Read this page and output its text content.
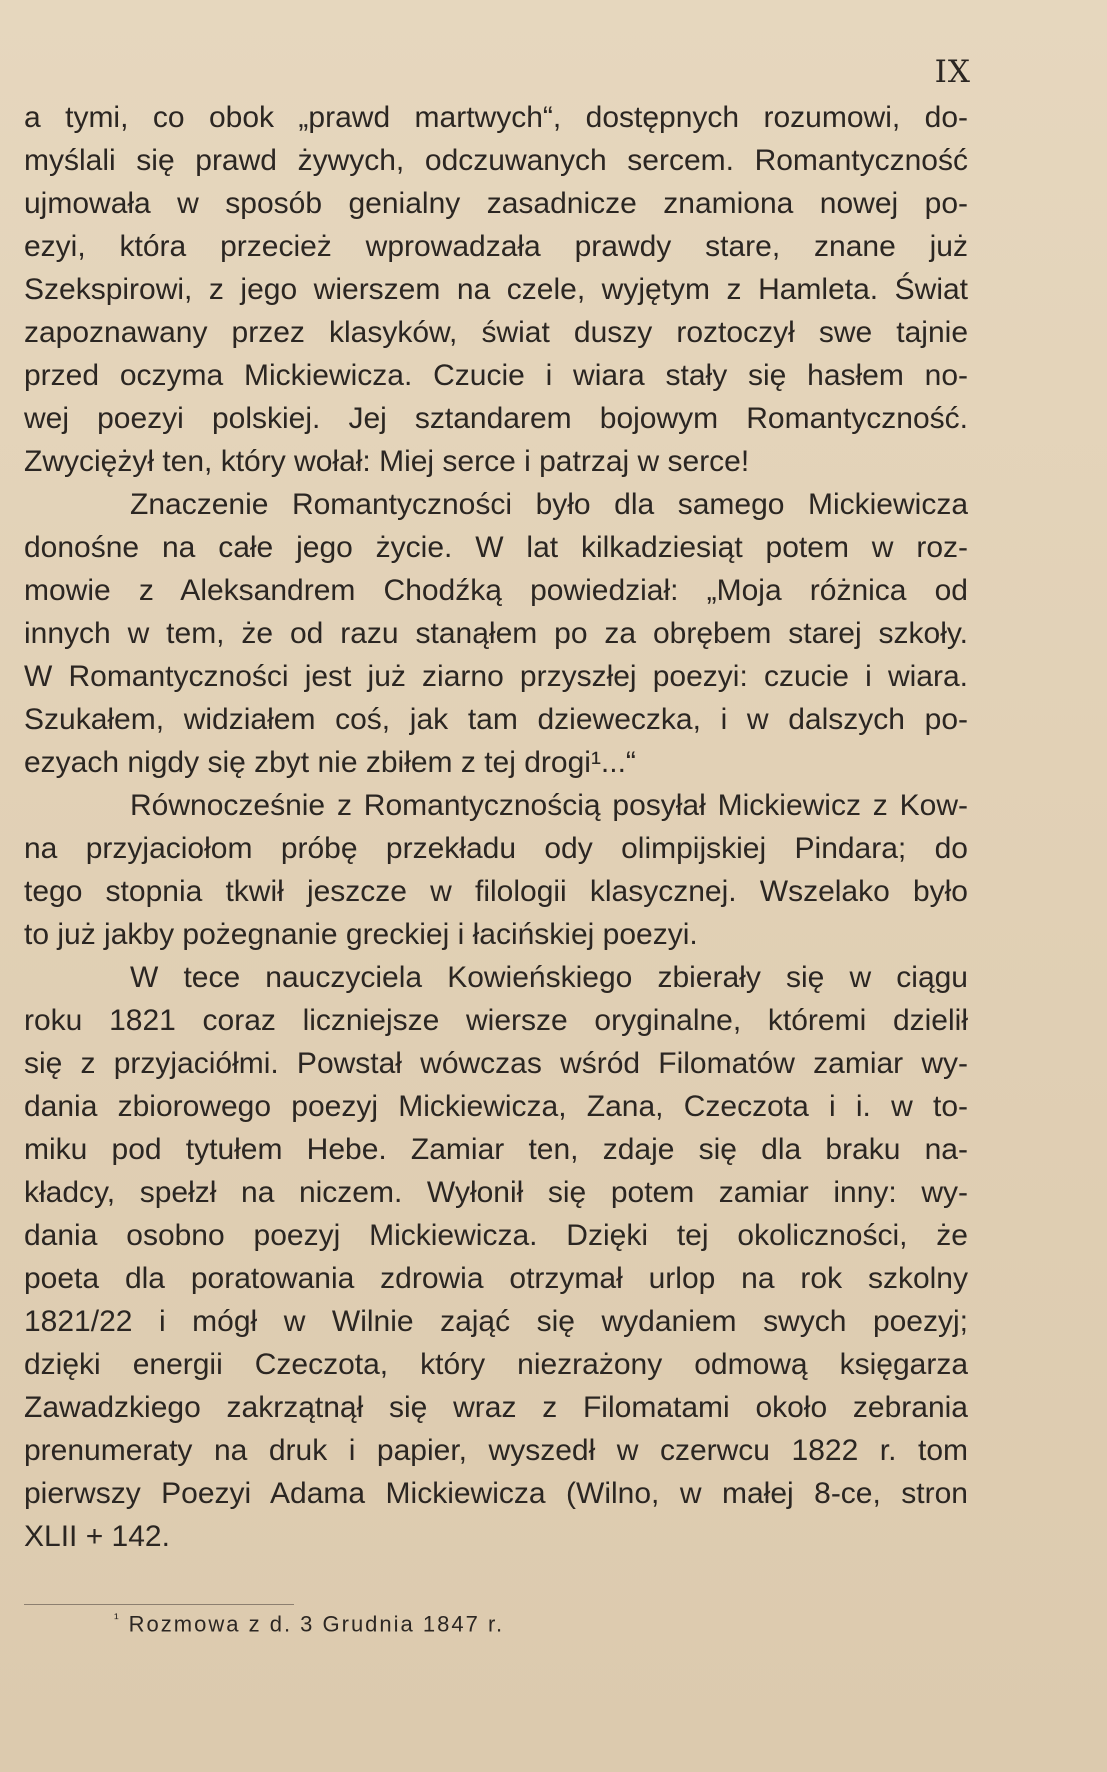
IX
a tymi, co obok „prawd martwych“, dostępnych rozumowi, do-
myślali się prawd żywych, odczuwanych sercem. Romantyczność
ujmowała w sposób genialny zasadnicze znamiona nowej po-
ezyi, która przecież wprowadzała prawdy stare, znane już
Szekspirowi, z jego wierszem na czele, wyjętym z Hamleta. Świat
zapoznawany przez klasyków, świat duszy roztoczył swe tajnie
przed oczyma Mickiewicza. Czucie i wiara stały się hasłem no-
wej poezyi polskiej. Jej sztandarem bojowym Romantyczność.
Zwyciężył ten, który wołał: Miej serce i patrzaj w serce!
Znaczenie Romantyczności było dla samego Mickiewicza
donośne na całe jego życie. W lat kilkadziesiąt potem w roz-
mowie z Aleksandrem Chodźką powiedział: „Moja różnica od
innych w tem, że od razu stanąłem po za obrębem starej szkoły.
W Romantyczności jest już ziarno przyszłej poezyi: czucie i wiara.
Szukałem, widziałem coś, jak tam dzieweczka, i w dalszych po-
ezyach nigdy się zbyt nie zbiłem z tej drogi¹...“
Równocześnie z Romantycznością posyłał Mickiewicz z Kow-
na przyjaciołom próbę przekładu ody olimpijskiej Pindara; do
tego stopnia tkwił jeszcze w filologii klasycznej. Wszelako było
to już jakby pożegnanie greckiej i łacińskiej poezyi.
W tece nauczyciela Kowieńskiego zbierały się w ciągu
roku 1821 coraz liczniejsze wiersze oryginalne, któremi dzielił
się z przyjaciółmi. Powstał wówczas wśród Filomatów zamiar wy-
dania zbiorowego poezyj Mickiewicza, Zana, Czeczota i i. w to-
miku pod tytułem Hebe. Zamiar ten, zdaje się dla braku na-
kładcy, spełzł na niczem. Wyłonił się potem zamiar inny: wy-
dania osobno poezyj Mickiewicza. Dzięki tej okoliczności, że
poeta dla poratowania zdrowia otrzymał urlop na rok szkolny
1821/22 i mógł w Wilnie zająć się wydaniem swych poezyj;
dzięki energii Czeczota, który niezrażony odmową księgarza
Zawadzkiego zakrzątnął się wraz z Filomatami około zebrania
prenumeraty na druk i papier, wyszedł w czerwcu 1822 r. tom
pierwszy Poezyi Adama Mickiewicza (Wilno, w małej 8-ce, stron
XLII + 142.
$^{^1}$ Rozmowa z d. 3 Grudnia 1847 r.
